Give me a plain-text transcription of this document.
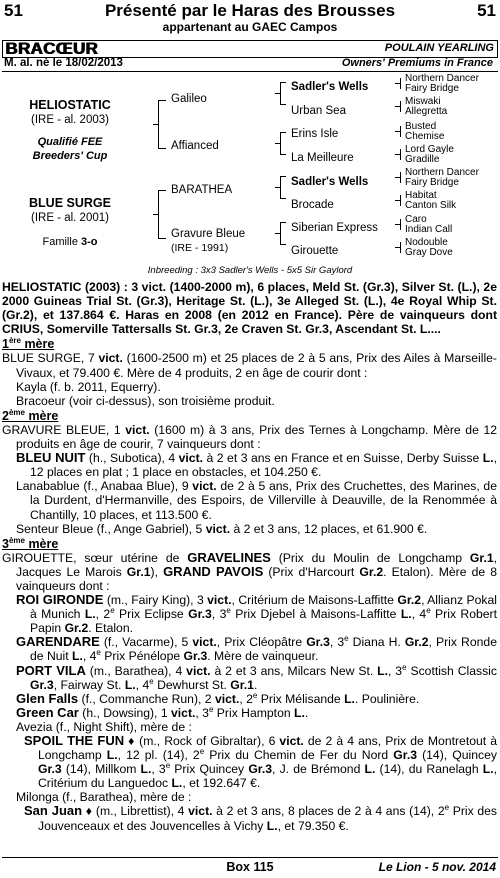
51	Présenté par le Haras des Brousses	51
appartenant au GAEC Campos
BRACŒUR	POULAIN YEARLING
M. al. né le 18/02/2013	Owners' Premiums in France
HELIOSTATIC
(IRE - al. 2003)
Qualifié FEE
Breeders' Cup
BLUE SURGE
(IRE - al. 2001)
Famille 3-o
Galileo
Affianced
BARATHEA
Gravure Bleue
(IRE - 1991)
Sadler's Wells
Urban Sea
Erins Isle
La Meilleure
Sadler's Wells
Brocade
Siberian Express
Girouette
Northern Dancer
Fairy Bridge
Miswaki
Allegretta
Busted
Chemise
Lord Gayle
Gradille
Northern Dancer
Fairy Bridge
Habitat
Canton Silk
Caro
Indian Call
Nodouble
Gray Dove
Inbreeding : 3x3 Sadler's Wells - 5x5 Sir Gaylord

HELIOSTATIC (2003) : 3 vict. (1400-2000 m), 6 places, Meld St. (Gr.3), Silver St. (L.), 2e 2000 Guineas Trial St. (Gr.3), Heritage St. (L.), 3e Alleged St. (L.), 4e Royal Whip St. (Gr.2), et 137.864 €. Haras en 2008 (en 2012 en France). Père de vainqueurs dont CRIUS, Somerville Tattersalls St. Gr.3, 2e Craven St. Gr.3, Ascendant St. L....

1ère mère

BLUE SURGE, 7 vict. (1600-2500 m) et 25 places de 2 à 5 ans, Prix des Ailes à Marseille-Vivaux, et 79.400 €. Mère de 4 produits, 2 en âge de courir dont :

Kayla (f. b. 2011, Equerry).

Bracoeur (voir ci-dessus), son troisième produit.

2ème mère

GRAVURE BLEUE, 1 vict. (1600 m) à 3 ans, Prix des Ternes à Longchamp. Mère de 12 produits en âge de courir, 7 vainqueurs dont :

BLEU NUIT (h., Subotica), 4 vict. à 2 et 3 ans en France et en Suisse, Derby Suisse L., 12 places en plat ; 1 place en obstacles, et 104.250 €.

Lanabablue (f., Anabaa Blue), 9 vict. de 2 à 5 ans, Prix des Cruchettes, des Marines, de la Durdent, d'Hermanville, des Espoirs, de Villerville à Deauville, de la Renommée à Chantilly, 10 places, et 113.500 €.

Senteur Bleue (f., Ange Gabriel), 5 vict. à 2 et 3 ans, 12 places, et 61.900 €.

3ème mère

GIROUETTE, sœur utérine de GRAVELINES (Prix du Moulin de Longchamp Gr.1, Jacques Le Marois Gr.1), GRAND PAVOIS (Prix d'Harcourt Gr.2. Etalon). Mère de 8 vainqueurs dont :

ROI GIRONDE (m., Fairy King), 3 vict., Critérium de Maisons-Laffitte Gr.2, Allianz Pokal à Munich L., 2e Prix Eclipse Gr.3, 3e Prix Djebel à Maisons-Laffitte L., 4e Prix Robert Papin Gr.2. Etalon.

GARENDARE (f., Vacarme), 5 vict., Prix Cléopâtre Gr.3, 3e Diana H. Gr.2, Prix Ronde de Nuit L., 4e Prix Pénélope Gr.3. Mère de vainqueur.

PORT VILA (m., Barathea), 4 vict. à 2 et 3 ans, Milcars New St. L., 3e Scottish Classic Gr.3, Fairway St. L., 4e Dewhurst St. Gr.1.

Glen Falls (f., Commanche Run), 2 vict., 2e Prix Mélisande L.. Poulinière.

Green Car (h., Dowsing), 1 vict., 3e Prix Hampton L..

Avezia (f., Night Shift), mère de :

SPOIL THE FUN ♦ (m., Rock of Gibraltar), 6 vict. de 2 à 4 ans, Prix de Montretout à Longchamp L., 12 pl. (14), 2e Prix du Chemin de Fer du Nord Gr.3 (14), Quincey Gr.3 (14), Millkom L., 3e Prix Quincey Gr.3, J. de Brémond L. (14), du Ranelagh L., Critérium du Languedoc L., et 192.647 €.

Milonga (f., Barathea), mère de :

San Juan ♦ (m., Librettist), 4 vict. à 2 et 3 ans, 8 places de 2 à 4 ans (14), 2e Prix des Jouvenceaux et des Jouvencelles à Vichy L., et 79.350 €.

Box 115	Le Lion - 5 nov. 2014
